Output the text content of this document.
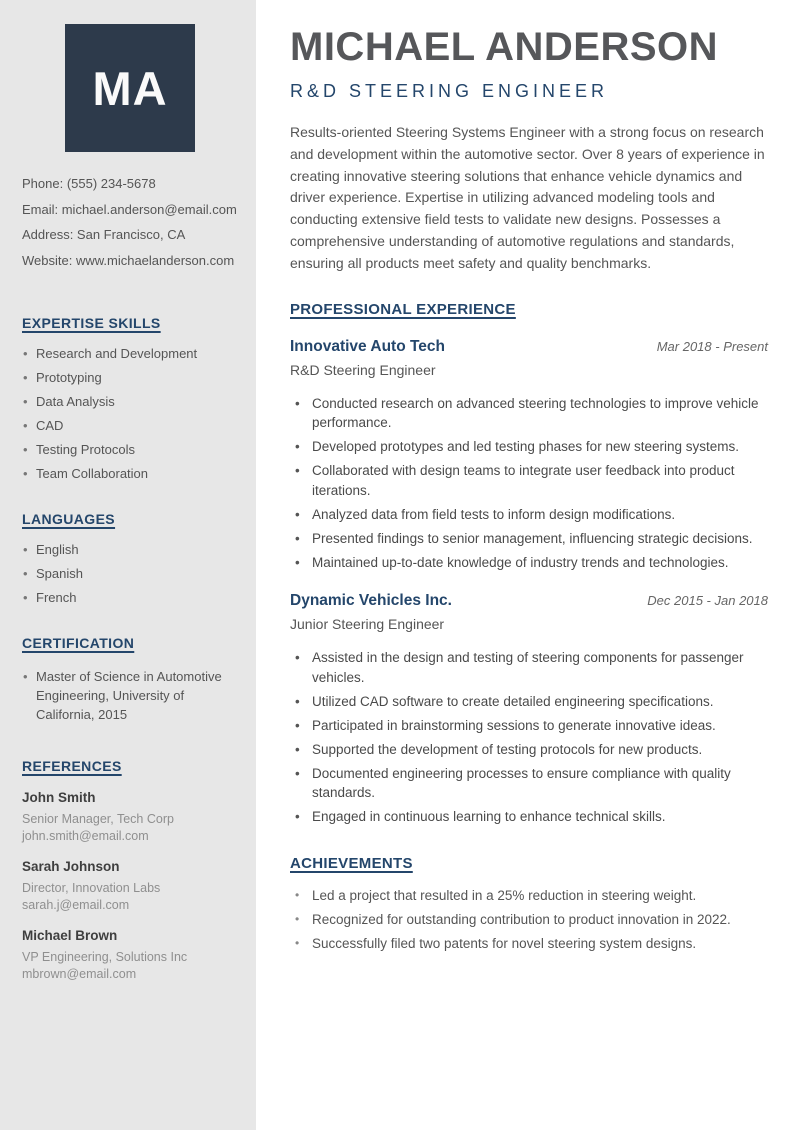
MA
Phone: (555) 234-5678
Email: michael.anderson@email.com
Address: San Francisco, CA
Website: www.michaelanderson.com
EXPERTISE SKILLS
• Research and Development
• Prototyping
• Data Analysis
• CAD
• Testing Protocols
• Team Collaboration
LANGUAGES
• English
• Spanish
• French
CERTIFICATION
• Master of Science in Automotive Engineering, University of California, 2015
REFERENCES
John Smith
Senior Manager, Tech Corp
john.smith@email.com
Sarah Johnson
Director, Innovation Labs
sarah.j@email.com
Michael Brown
VP Engineering, Solutions Inc
mbrown@email.com
MICHAEL ANDERSON
R&D STEERING ENGINEER

Results-oriented Steering Systems Engineer with a strong focus on research and development within the automotive sector. Over 8 years of experience in creating innovative steering solutions that enhance vehicle dynamics and driver experience. Expertise in utilizing advanced modeling tools and conducting extensive field tests to validate new designs. Possesses a comprehensive understanding of automotive regulations and standards, ensuring all products meet safety and quality benchmarks.

PROFESSIONAL EXPERIENCE
Innovative Auto Tech	Mar 2018 - Present
R&D Steering Engineer
• Conducted research on advanced steering technologies to improve vehicle performance.
• Developed prototypes and led testing phases for new steering systems.
• Collaborated with design teams to integrate user feedback into product iterations.
• Analyzed data from field tests to inform design modifications.
• Presented findings to senior management, influencing strategic decisions.
• Maintained up-to-date knowledge of industry trends and technologies.
Dynamic Vehicles Inc.	Dec 2015 - Jan 2018
Junior Steering Engineer
• Assisted in the design and testing of steering components for passenger vehicles.
• Utilized CAD software to create detailed engineering specifications.
• Participated in brainstorming sessions to generate innovative ideas.
• Supported the development of testing protocols for new products.
• Documented engineering processes to ensure compliance with quality standards.
• Engaged in continuous learning to enhance technical skills.
ACHIEVEMENTS
• Led a project that resulted in a 25% reduction in steering weight.
• Recognized for outstanding contribution to product innovation in 2022.
• Successfully filed two patents for novel steering system designs.
